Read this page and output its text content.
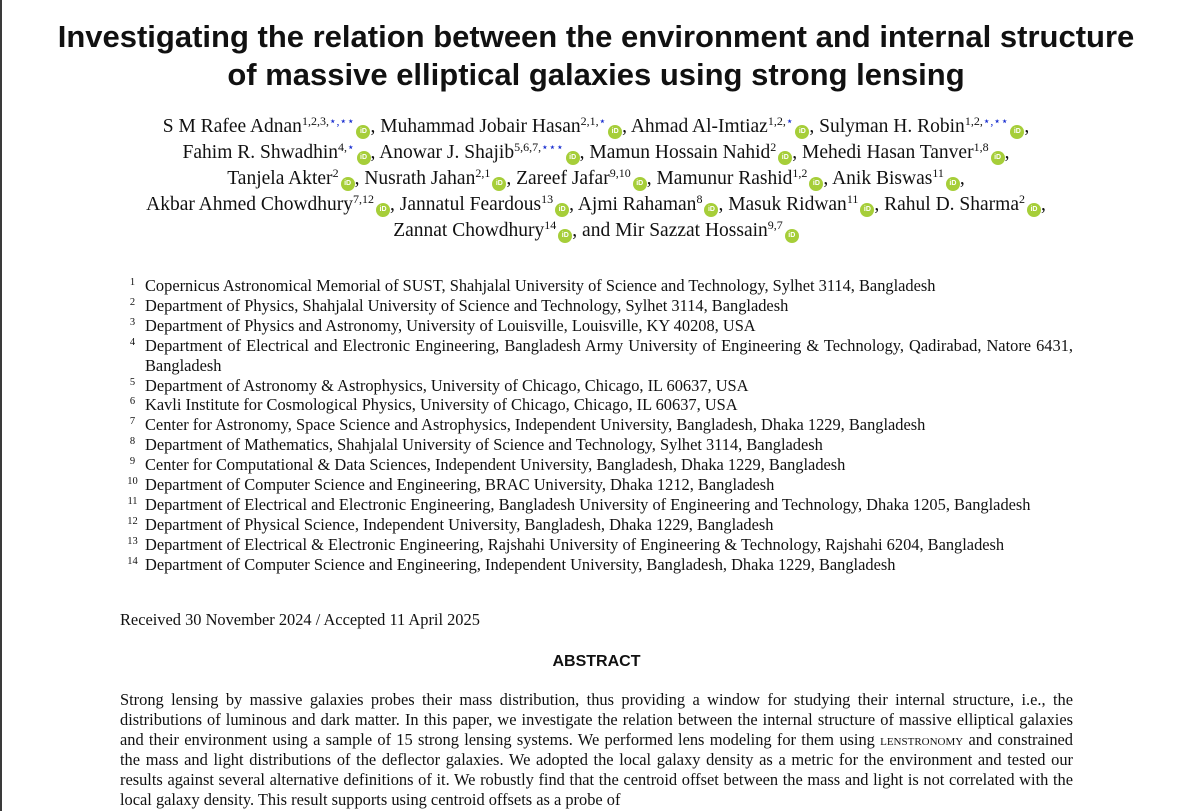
Investigating the relation between the environment and internal structure of massive elliptical galaxies using strong lensing
S M Rafee Adnan$^{1,2,3,⋆,⋆⋆}$iD , Muhammad Jobair Hasan$^{2,1,⋆}$iD , Ahmad Al-Imtiaz$^{1,2,⋆}$iD , Sulyman H. Robin$^{1,2,⋆,⋆⋆}$iD ,
Fahim R. Shwadhin$^{4,⋆}$iD , Anowar J. Shajib$^{5,6,7,⋆⋆⋆}$iD , Mamun Hossain Nahid$^2$iD , Mehedi Hasan Tanver$^{1,8}$iD ,
Tanjela Akter$^2$iD , Nusrath Jahan$^{2,1}$iD , Zareef Jafar$^{9,10}$iD , Mamunur Rashid$^{1,2}$iD , Anik Biswas$^{11}$iD ,
Akbar Ahmed Chowdhury$^{7,12}$iD , Jannatul Feardous$^{13}$iD , Ajmi Rahaman$^8$iD , Masuk Ridwan$^{11}$iD , Rahul D. Sharma$^2$iD ,
Zannat Chowdhury$^{14}$iD , and Mir Sazzat Hossain$^{9,7}$iD
1 Copernicus Astronomical Memorial of SUST, Shahjalal University of Science and Technology, Sylhet 3114, Bangladesh
2 Department of Physics, Shahjalal University of Science and Technology, Sylhet 3114, Bangladesh
3 Department of Physics and Astronomy, University of Louisville, Louisville, KY 40208, USA
4 Department of Electrical and Electronic Engineering, Bangladesh Army University of Engineering & Technology, Qadirabad, Natore 6431, Bangladesh
5 Department of Astronomy & Astrophysics, University of Chicago, Chicago, IL 60637, USA
6 Kavli Institute for Cosmological Physics, University of Chicago, Chicago, IL 60637, USA
7 Center for Astronomy, Space Science and Astrophysics, Independent University, Bangladesh, Dhaka 1229, Bangladesh
8 Department of Mathematics, Shahjalal University of Science and Technology, Sylhet 3114, Bangladesh
9 Center for Computational & Data Sciences, Independent University, Bangladesh, Dhaka 1229, Bangladesh
10 Department of Computer Science and Engineering, BRAC University, Dhaka 1212, Bangladesh
11 Department of Electrical and Electronic Engineering, Bangladesh University of Engineering and Technology, Dhaka 1205, Bangladesh
12 Department of Physical Science, Independent University, Bangladesh, Dhaka 1229, Bangladesh
13 Department of Electrical & Electronic Engineering, Rajshahi University of Engineering & Technology, Rajshahi 6204, Bangladesh
14 Department of Computer Science and Engineering, Independent University, Bangladesh, Dhaka 1229, Bangladesh
Received 30 November 2024 / Accepted 11 April 2025
ABSTRACT
Strong lensing by massive galaxies probes their mass distribution, thus providing a window for studying their internal structure, i.e., the distributions of luminous and dark matter. In this paper, we investigate the relation between the internal structure of massive elliptical galaxies and their environment using a sample of 15 strong lensing systems. We performed lens modeling for them using lenstronomy and constrained the mass and light distributions of the deflector galaxies. We adopted the local galaxy density as a metric for the environment and tested our results against several alternative definitions of it. We robustly find that the centroid offset between the mass and light is not correlated with the local galaxy density. This result supports using centroid offsets as a probe of
